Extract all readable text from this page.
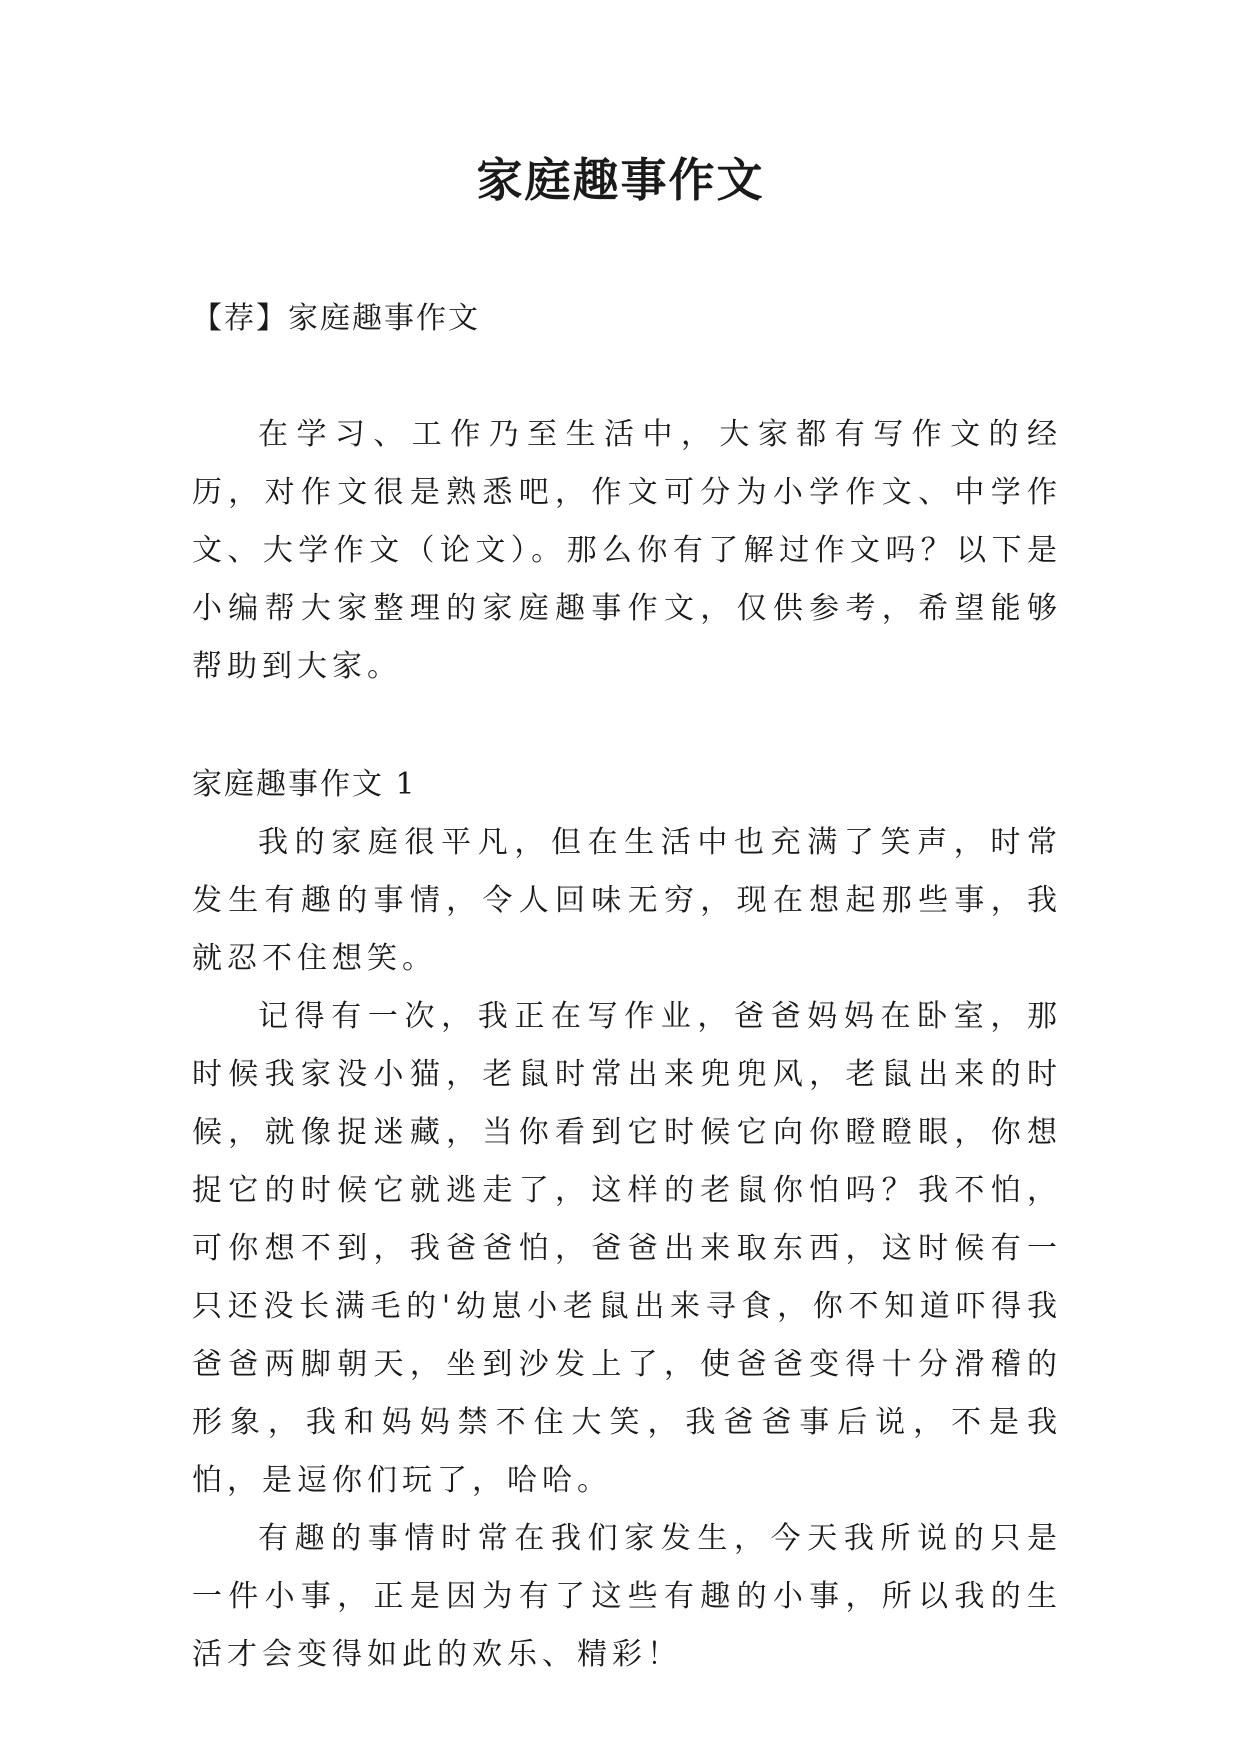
家庭趣事作文

【荐】家庭趣事作文

在学习、工作乃至生活中，大家都有写作文的经历，对作文很是熟悉吧，作文可分为小学作文、中学作文、大学作文（论文）。那么你有了解过作文吗？以下是小编帮大家整理的家庭趣事作文，仅供参考，希望能够帮助到大家。

家庭趣事作文 1

我的家庭很平凡，但在生活中也充满了笑声，时常发生有趣的事情，令人回味无穷，现在想起那些事，我就忍不住想笑。

记得有一次，我正在写作业，爸爸妈妈在卧室，那时候我家没小猫，老鼠时常出来兜兜风，老鼠出来的时候，就像捉迷藏，当你看到它时候它向你瞪瞪眼，你想捉它的时候它就逃走了，这样的老鼠你怕吗？我不怕，可你想不到，我爸爸怕，爸爸出来取东西，这时候有一只还没长满毛的'幼崽小老鼠出来寻食，你不知道吓得我爸爸两脚朝天，坐到沙发上了，使爸爸变得十分滑稽的形象，我和妈妈禁不住大笑，我爸爸事后说，不是我怕，是逗你们玩了，哈哈。

有趣的事情时常在我们家发生，今天我所说的只是一件小事，正是因为有了这些有趣的小事，所以我的生活才会变得如此的欢乐、精彩！
